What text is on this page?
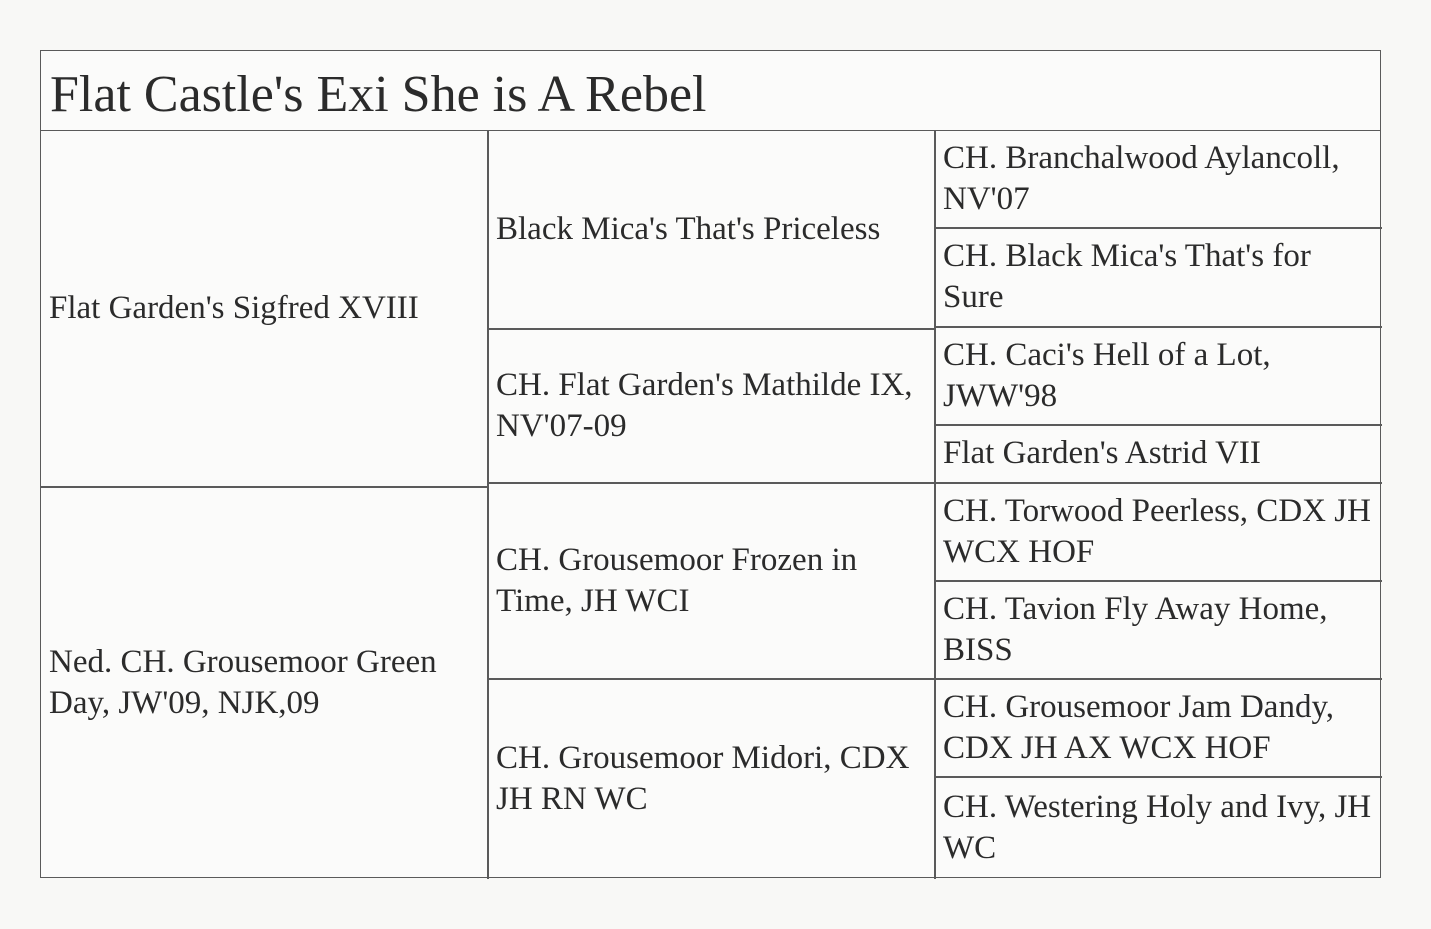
Flat Castle's Exi She is A Rebel
Flat Garden's Sigfred XVIII
Ned. CH. Grousemoor Green Day, JW'09, NJK,09
Black Mica's That's Priceless
CH. Flat Garden's Mathilde IX, NV'07-09
CH. Grousemoor Frozen in Time, JH WCI
CH. Grousemoor Midori, CDX JH RN WC
CH. Branchalwood Aylancoll, NV'07
CH. Black Mica's That's for Sure
CH. Caci's Hell of a Lot, JWW'98
Flat Garden's Astrid VII
CH. Torwood Peerless, CDX JH WCX HOF
CH. Tavion Fly Away Home, BISS
CH. Grousemoor Jam Dandy, CDX JH AX WCX HOF
CH. Westering Holy and Ivy, JH WC
